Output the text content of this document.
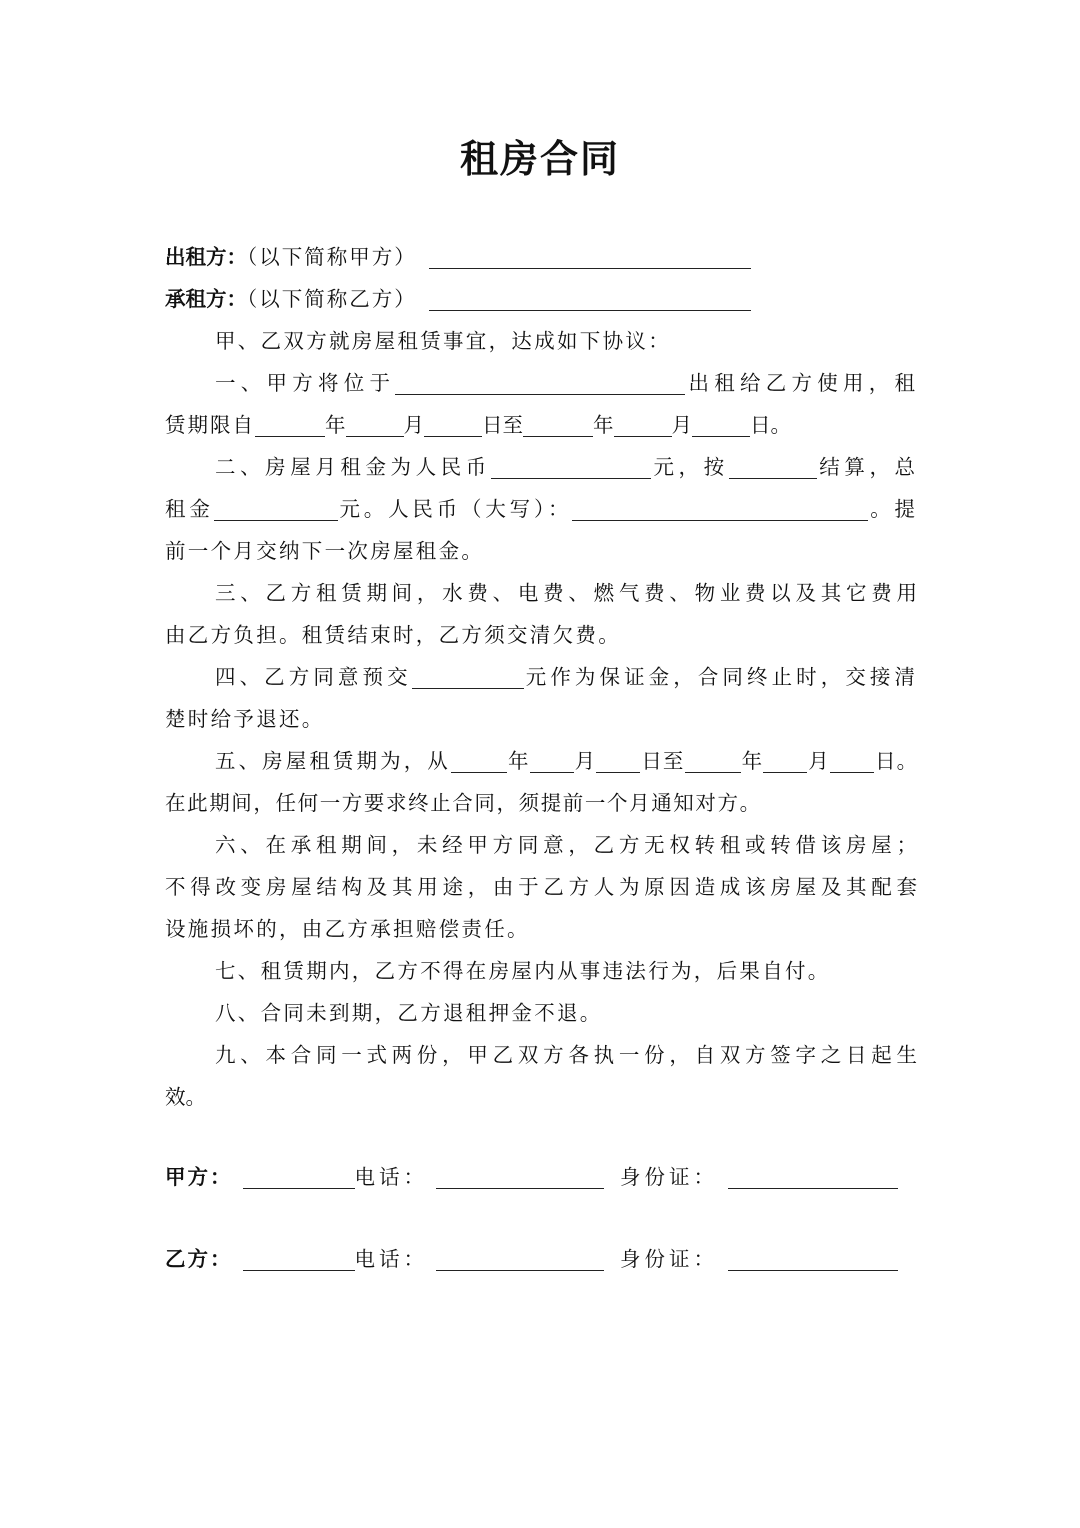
租房合同
出租方：（以下简称甲方）
承租方：（以下简称乙方）
甲、乙双方就房屋租赁事宜，达成如下协议：
一、甲方将位于	出租给乙方使用，租
赁期限自	年	月	日至	年	月	日。
二、房屋月租金为人民币	元，按	结算，总
租金	元。人民币（大写）：	。提
前一个月交纳下一次房屋租金。
三、乙方租赁期间，水费、电费、燃气费、物业费以及其它费用
由乙方负担。租赁结束时，乙方须交清欠费。
四、乙方同意预交	元作为保证金，合同终止时，交接清
楚时给予退还。
五、房屋租赁期为，从	年 月 日至	年 月 日。
在此期间，任何一方要求终止合同，须提前一个月通知对方。
六、在承租期间，未经甲方同意，乙方无权转租或转借该房屋；
不得改变房屋结构及其用途，由于乙方人为原因造成该房屋及其配套
设施损坏的，由乙方承担赔偿责任。
七、租赁期内，乙方不得在房屋内从事违法行为，后果自付。
八、合同未到期，乙方退租押金不退。
九、本合同一式两份，甲乙双方各执一份，自双方签字之日起生
效。
甲方：	电话：	身份证：
乙方：	电话：	身份证：
